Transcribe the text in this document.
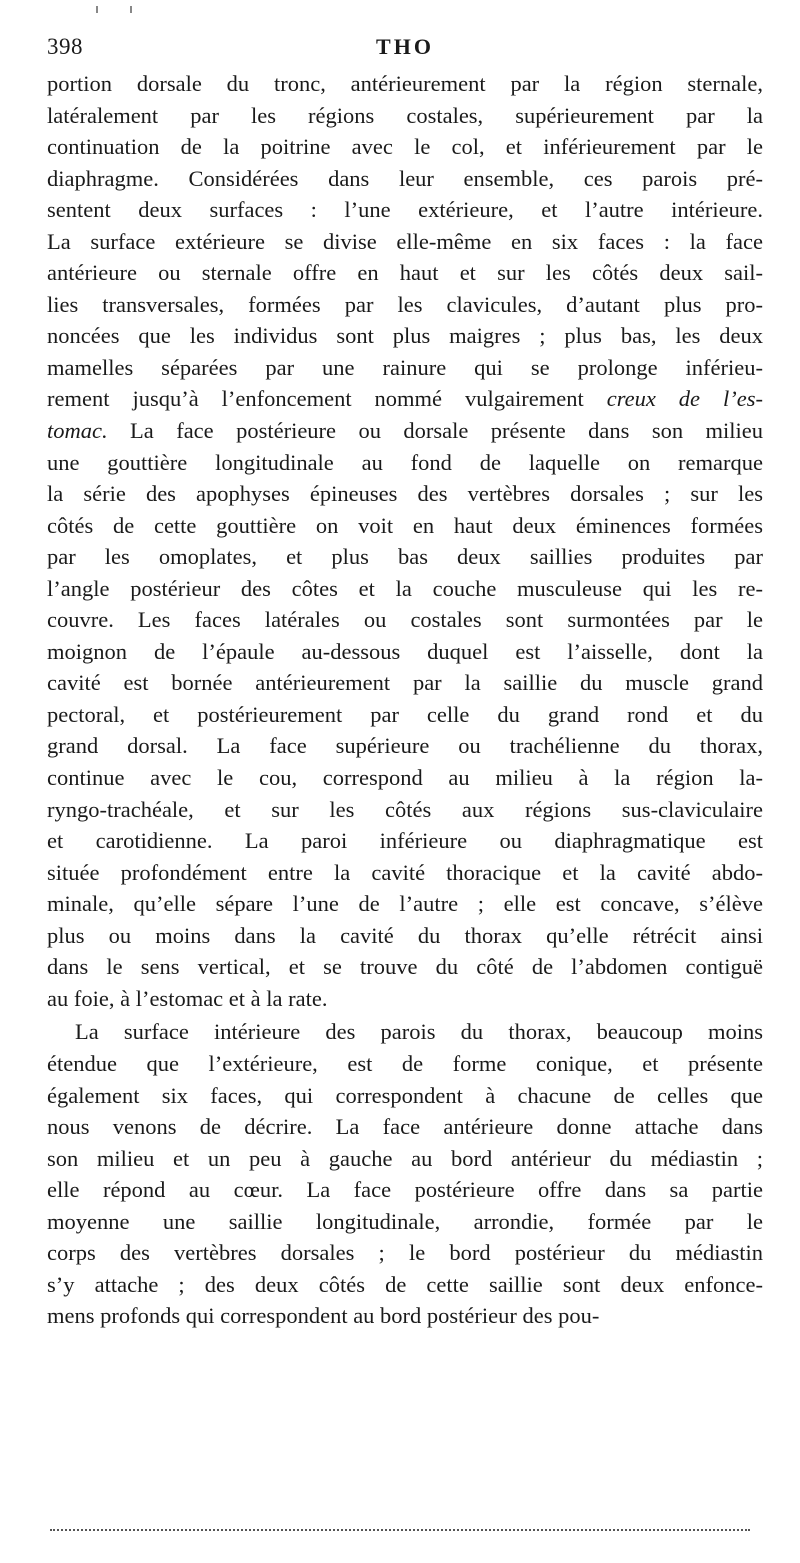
398	THO
portion dorsale du tronc, antérieurement par la région sternale,
latéralement par les régions costales, supérieurement par la
continuation de la poitrine avec le col, et inférieurement par le
diaphragme. Considérées dans leur ensemble, ces parois pré-
sentent deux surfaces : l’une extérieure, et l’autre intérieure.
La surface extérieure se divise elle-même en six faces : la face
antérieure ou sternale offre en haut et sur les côtés deux sail-
lies transversales, formées par les clavicules, d’autant plus pro-
noncées que les individus sont plus maigres ; plus bas, les deux
mamelles séparées par une rainure qui se prolonge inférieu-
rement jusqu’à l’enfoncement nommé vulgairement creux de l’es-
tomac. La face postérieure ou dorsale présente dans son milieu
une gouttière longitudinale au fond de laquelle on remarque
la série des apophyses épineuses des vertèbres dorsales ; sur les
côtés de cette gouttière on voit en haut deux éminences formées
par les omoplates, et plus bas deux saillies produites par
l’angle postérieur des côtes et la couche musculeuse qui les re-
couvre. Les faces latérales ou costales sont surmontées par le
moignon de l’épaule au-dessous duquel est l’aisselle, dont la
cavité est bornée antérieurement par la saillie du muscle grand
pectoral, et postérieurement par celle du grand rond et du
grand dorsal. La face supérieure ou trachélienne du thorax,
continue avec le cou, correspond au milieu à la région la-
ryngo-trachéale, et sur les côtés aux régions sus-claviculaire
et carotidienne. La paroi inférieure ou diaphragmatique est
située profondément entre la cavité thoracique et la cavité abdo-
minale, qu’elle sépare l’une de l’autre ; elle est concave, s’élève
plus ou moins dans la cavité du thorax qu’elle rétrécit ainsi
dans le sens vertical, et se trouve du côté de l’abdomen contiguë
au foie, à l’estomac et à la rate.
La surface intérieure des parois du thorax, beaucoup moins
étendue que l’extérieure, est de forme conique, et présente
également six faces, qui correspondent à chacune de celles que
nous venons de décrire. La face antérieure donne attache dans
son milieu et un peu à gauche au bord antérieur du médiastin ;
elle répond au cœur. La face postérieure offre dans sa partie
moyenne une saillie longitudinale, arrondie, formée par le
corps des vertèbres dorsales ; le bord postérieur du médiastin
s’y attache ; des deux côtés de cette saillie sont deux enfonce-
mens profonds qui correspondent au bord postérieur des pou-
